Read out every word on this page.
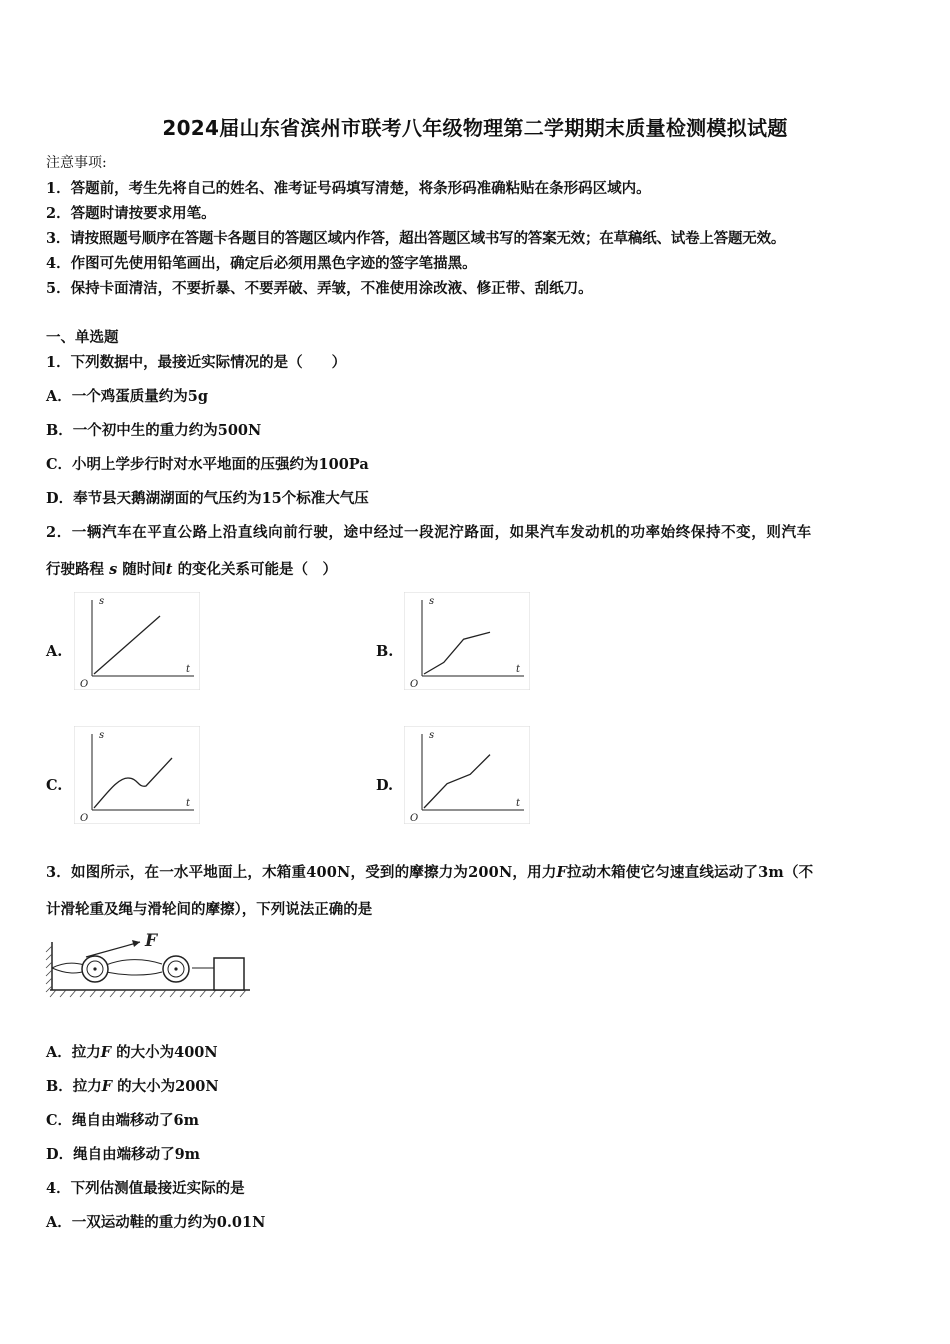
2024届山东省滨州市联考八年级物理第二学期期末质量检测模拟试题
注意事项:
1．答题前，考生先将自己的姓名、准考证号码填写清楚，将条形码准确粘贴在条形码区域内。
2．答题时请按要求用笔。
3．请按照题号顺序在答题卡各题目的答题区域内作答，超出答题区域书写的答案无效；在草稿纸、试卷上答题无效。
4．作图可先使用铅笔画出，确定后必须用黑色字迹的签字笔描黑。
5．保持卡面清洁，不要折暴、不要弄破、弄皱，不准使用涂改液、修正带、刮纸刀。
一、单选题
1．下列数据中，最接近实际情况的是（　　）
A．一个鸡蛋质量约为5g
B．一个初中生的重力约为500N
C．小明上学步行时对水平地面的压强约为100Pa
D．奉节县天鹅湖湖面的气压约为15个标准大气压
2．一辆汽车在平直公路上沿直线向前行驶，途中经过一段泥泞路面，如果汽车发动机的功率始终保持不变，则汽车
行驶路程 s 随时间t 的变化关系可能是（　）
A.	B.
C.	D.
s
t
O
s
t
O
s
t
O
s
t
O
3．如图所示，在一水平地面上，木箱重400N，受到的摩擦力为200N，用力F拉动木箱使它匀速直线运动了3m（不
计滑轮重及绳与滑轮间的摩擦），下列说法正确的是
F
A．拉力F 的大小为400N
B．拉力F 的大小为200N
C．绳自由端移动了6m
D．绳自由端移动了9m
4．下列估测值最接近实际的是
A．一双运动鞋的重力约为0.01N
